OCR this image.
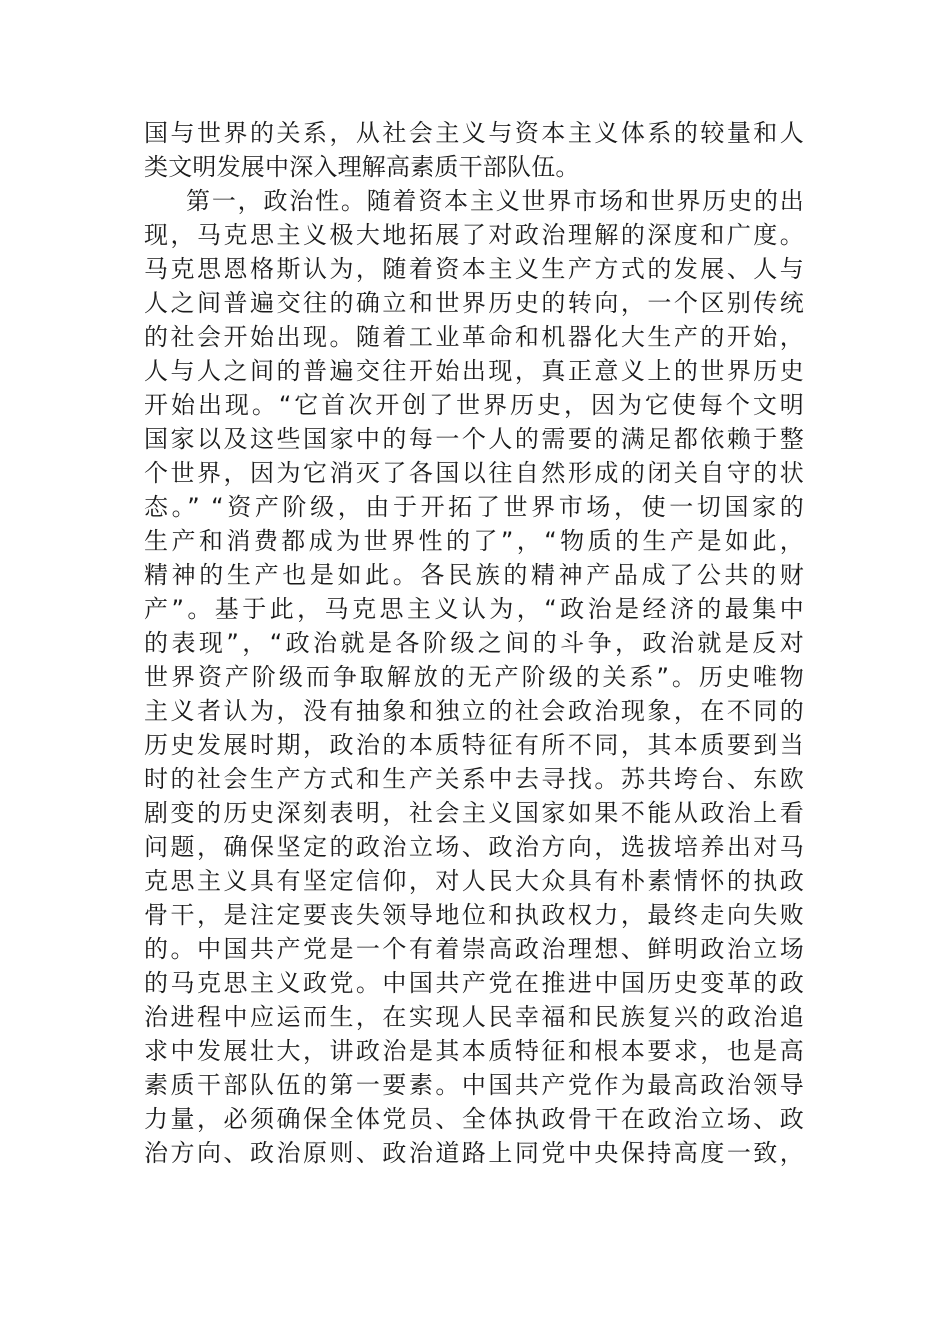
国与世界的关系，从社会主义与资本主义体系的较量和人
类文明发展中深入理解高素质干部队伍。
第一，政治性。随着资本主义世界市场和世界历史的出
现，马克思主义极大地拓展了对政治理解的深度和广度。
马克思恩格斯认为，随着资本主义生产方式的发展、人与
人之间普遍交往的确立和世界历史的转向，一个区别传统
的社会开始出现。随着工业革命和机器化大生产的开始，
人与人之间的普遍交往开始出现，真正意义上的世界历史
开始出现。“它首次开创了世界历史，因为它使每个文明
国家以及这些国家中的每一个人的需要的满足都依赖于整
个世界，因为它消灭了各国以往自然形成的闭关自守的状
态。” “资产阶级，由于开拓了世界市场，使一切国家的
生产和消费都成为世界性的了”，“物质的生产是如此，
精神的生产也是如此。各民族的精神产品成了公共的财
产”。基于此，马克思主义认为，“政治是经济的最集中
的表现”，“政治就是各阶级之间的斗争，政治就是反对
世界资产阶级而争取解放的无产阶级的关系”。历史唯物
主义者认为，没有抽象和独立的社会政治现象，在不同的
历史发展时期，政治的本质特征有所不同，其本质要到当
时的社会生产方式和生产关系中去寻找。苏共垮台、东欧
剧变的历史深刻表明，社会主义国家如果不能从政治上看
问题，确保坚定的政治立场、政治方向，选拔培养出对马
克思主义具有坚定信仰，对人民大众具有朴素情怀的执政
骨干，是注定要丧失领导地位和执政权力，最终走向失败
的。中国共产党是一个有着崇高政治理想、鲜明政治立场
的马克思主义政党。中国共产党在推进中国历史变革的政
治进程中应运而生，在实现人民幸福和民族复兴的政治追
求中发展壮大，讲政治是其本质特征和根本要求，也是高
素质干部队伍的第一要素。中国共产党作为最高政治领导
力量，必须确保全体党员、全体执政骨干在政治立场、政
治方向、政治原则、政治道路上同党中央保持高度一致，
